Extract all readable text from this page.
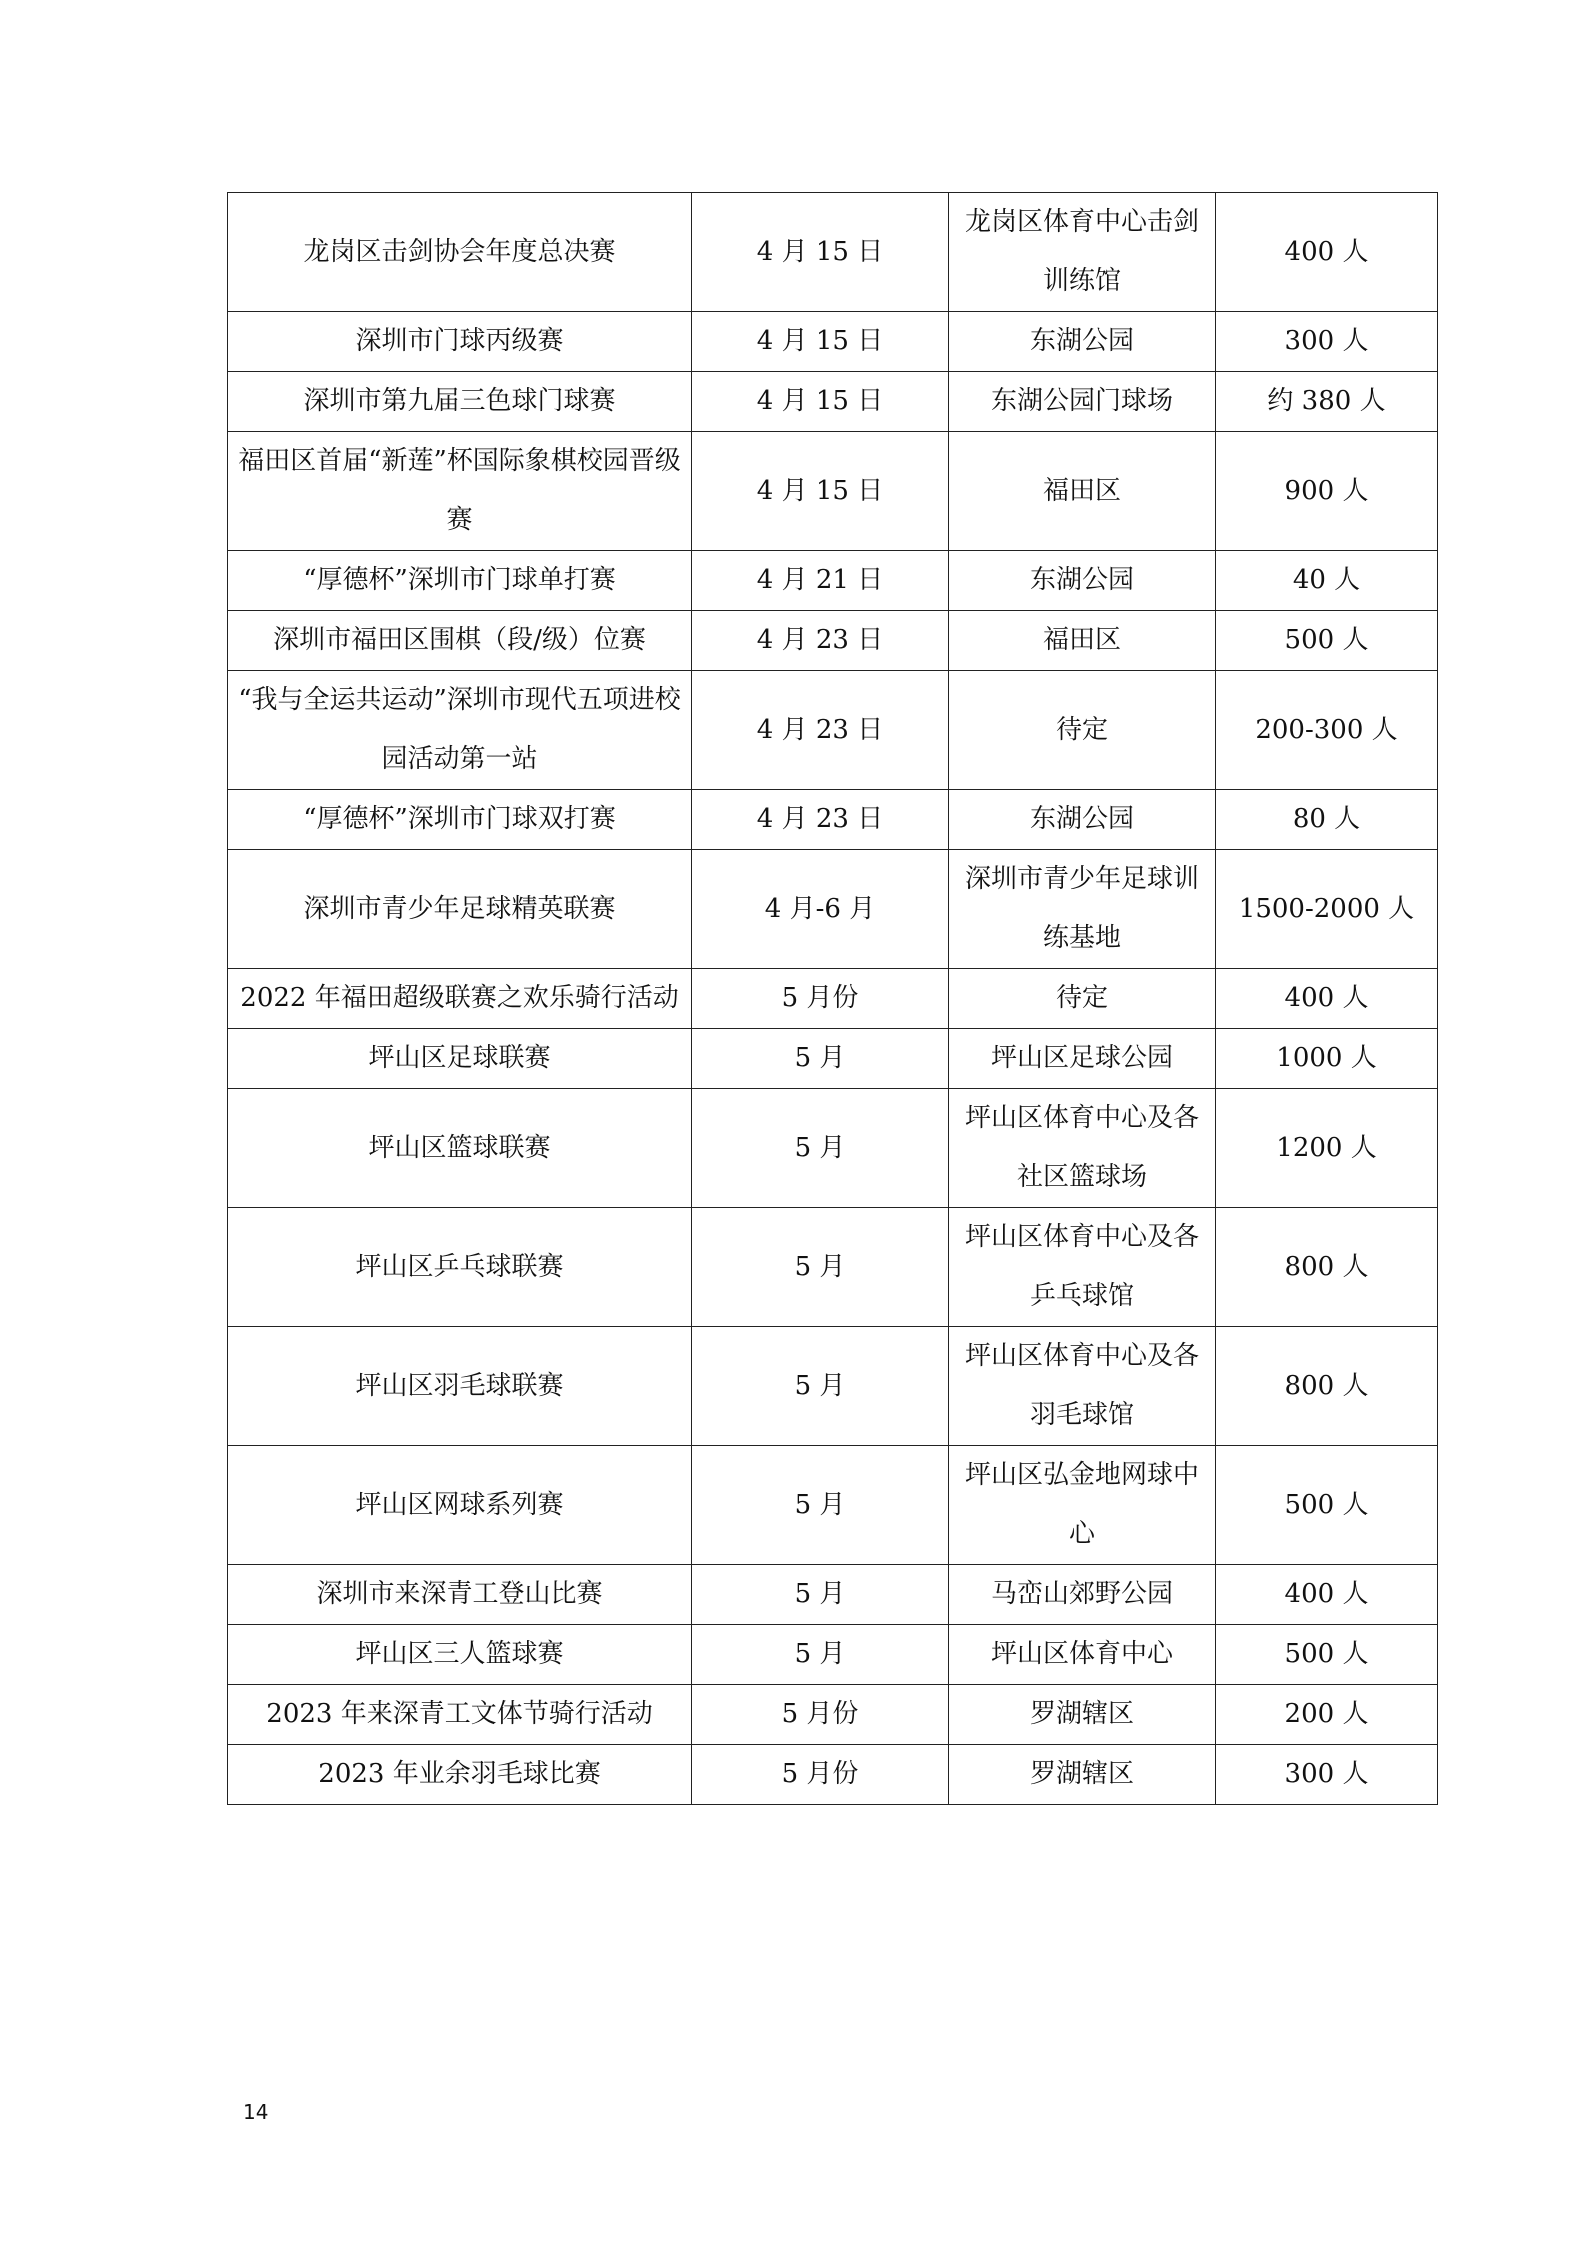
龙岗区击剑协会年度总决赛	4 月 15 日	龙岗区体育中心击剑训练馆	400 人
深圳市门球丙级赛	4 月 15 日	东湖公园	300 人
深圳市第九届三色球门球赛	4 月 15 日	东湖公园门球场	约 380 人
福田区首届“新莲”杯国际象棋校园晋级赛	4 月 15 日	福田区	900 人
“厚德杯”深圳市门球单打赛	4 月 21 日	东湖公园	40 人
深圳市福田区围棋（段/级）位赛	4 月 23 日	福田区	500 人
“我与全运共运动”深圳市现代五项进校园活动第一站	4 月 23 日	待定	200-300 人
“厚德杯”深圳市门球双打赛	4 月 23 日	东湖公园	80 人
深圳市青少年足球精英联赛	4 月-6 月	深圳市青少年足球训练基地	1500-2000 人
2022 年福田超级联赛之欢乐骑行活动	5 月份	待定	400 人
坪山区足球联赛	5 月	坪山区足球公园	1000 人
坪山区篮球联赛	5 月	坪山区体育中心及各社区篮球场	1200 人
坪山区乒乓球联赛	5 月	坪山区体育中心及各乒乓球馆	800 人
坪山区羽毛球联赛	5 月	坪山区体育中心及各羽毛球馆	800 人
坪山区网球系列赛	5 月	坪山区弘金地网球中心	500 人
深圳市来深青工登山比赛	5 月	马峦山郊野公园	400 人
坪山区三人篮球赛	5 月	坪山区体育中心	500 人
2023 年来深青工文体节骑行活动	5 月份	罗湖辖区	200 人
2023 年业余羽毛球比赛	5 月份	罗湖辖区	300 人
14
